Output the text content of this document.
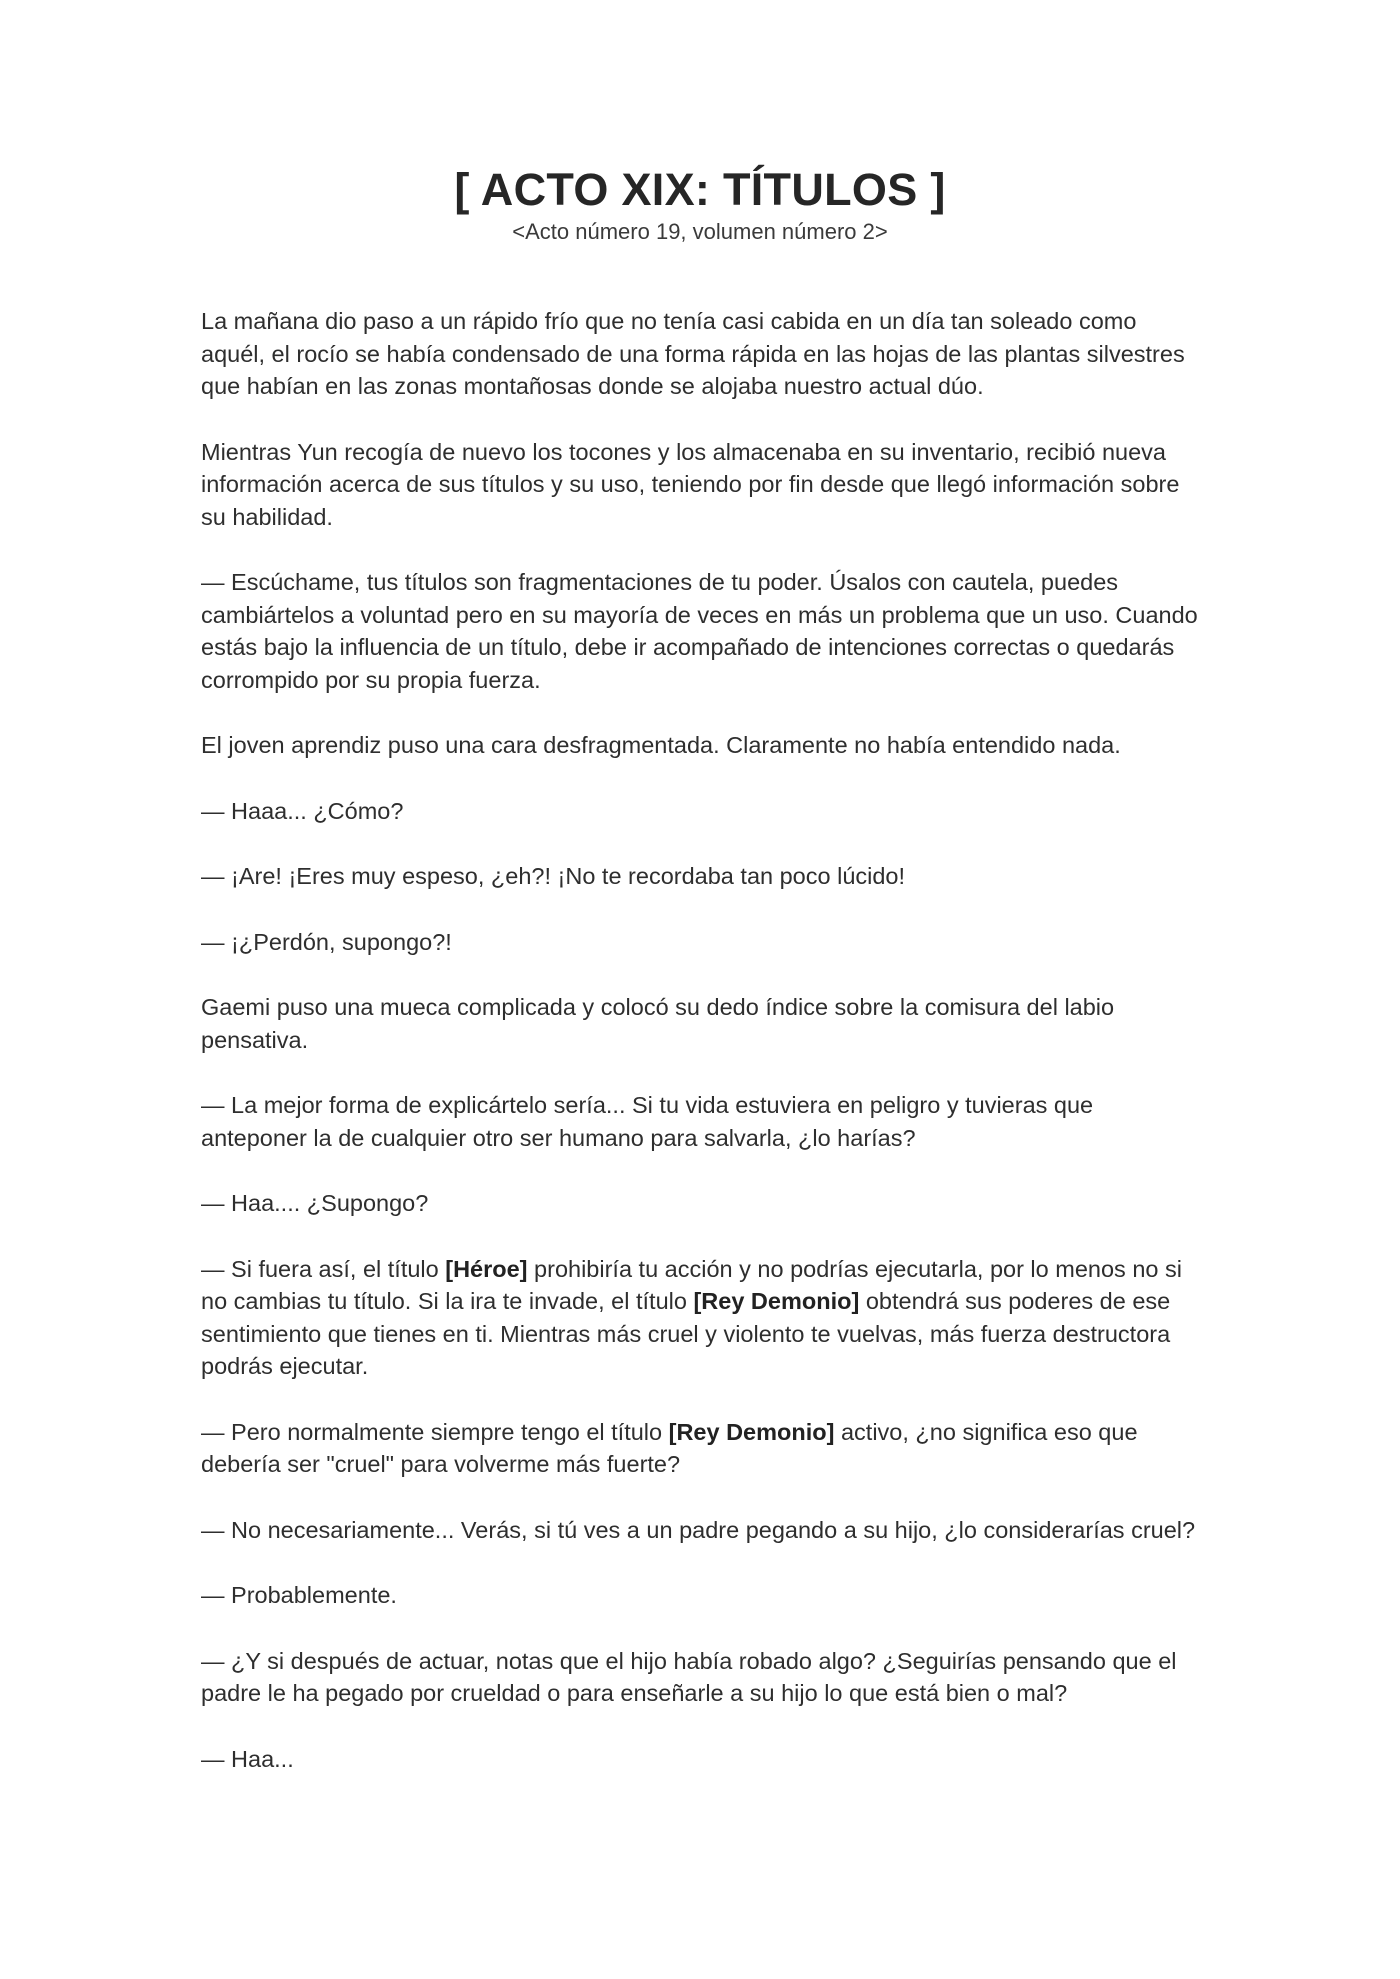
[ ACTO XIX: TÍTULOS ]
<Acto número 19, volumen número 2>

La mañana dio paso a un rápido frío que no tenía casi cabida en un día tan soleado como aquél, el rocío se había condensado de una forma rápida en las hojas de las plantas silvestres que habían en las zonas montañosas donde se alojaba nuestro actual dúo.

Mientras Yun recogía de nuevo los tocones y los almacenaba en su inventario, recibió nueva información acerca de sus títulos y su uso, teniendo por fin desde que llegó información sobre su habilidad.

— Escúchame, tus títulos son fragmentaciones de tu poder. Úsalos con cautela, puedes cambiártelos a voluntad pero en su mayoría de veces en más un problema que un uso. Cuando estás bajo la influencia de un título, debe ir acompañado de intenciones correctas o quedarás corrompido por su propia fuerza.

El joven aprendiz puso una cara desfragmentada. Claramente no había entendido nada.

— Haaa... ¿Cómo?

— ¡Are! ¡Eres muy espeso, ¿eh?! ¡No te recordaba tan poco lúcido!

— ¡¿Perdón, supongo?!

Gaemi puso una mueca complicada y colocó su dedo índice sobre la comisura del labio pensativa.

— La mejor forma de explicártelo sería... Si tu vida estuviera en peligro y tuvieras que anteponer la de cualquier otro ser humano para salvarla, ¿lo harías?

— Haa.... ¿Supongo?

— Si fuera así, el título [Héroe] prohibiría tu acción y no podrías ejecutarla, por lo menos no si no cambias tu título. Si la ira te invade, el título [Rey Demonio] obtendrá sus poderes de ese sentimiento que tienes en ti. Mientras más cruel y violento te vuelvas, más fuerza destructora podrás ejecutar.

— Pero normalmente siempre tengo el título [Rey Demonio] activo, ¿no significa eso que debería ser "cruel" para volverme más fuerte?

— No necesariamente... Verás, si tú ves a un padre pegando a su hijo, ¿lo considerarías cruel?

— Probablemente.

— ¿Y si después de actuar, notas que el hijo había robado algo? ¿Seguirías pensando que el padre le ha pegado por crueldad o para enseñarle a su hijo lo que está bien o mal?

— Haa...
